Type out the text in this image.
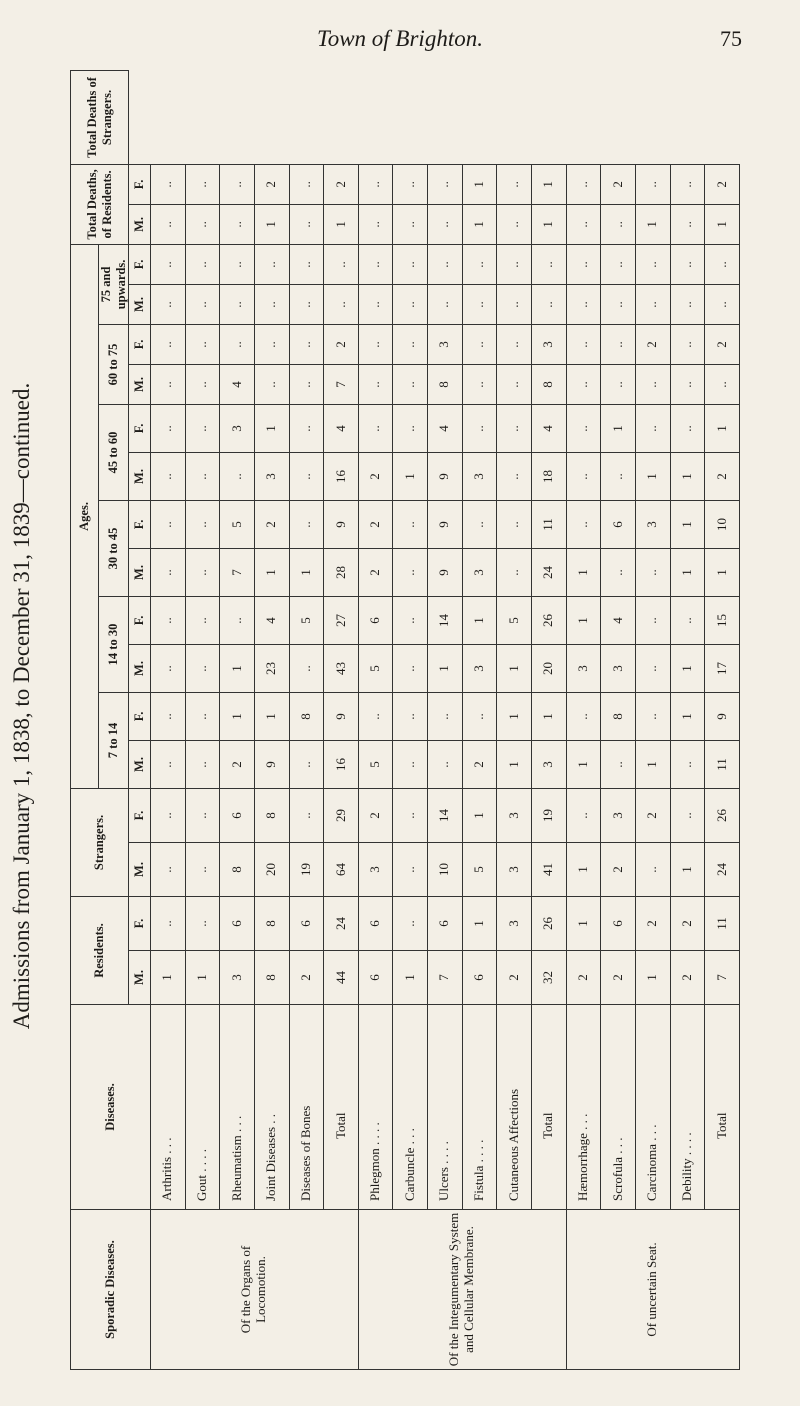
Town of Brighton.	75
Admissions from January 1, 1838, to December 31, 1839—continued.
Sporadic Diseases.	Diseases.	Residents.		Strangers.		Ages.												Total Deaths, of Residents.		Total Deaths of Strangers.
						7 to 14		14 to 30		30 to 45		45 to 60		60 to 75		75 and upwards.				
		M.	F.	M.	F.	M.	F.	M.	F.	M.	F.	M.	F.	M.	F.	M.	F.	M.	F.	
Of the Organs of Locomotion.	Arthritis . . .	1	..	..	..	..	..	..	..	..	..	..	..	..	..	..	..	..	..	
	Gout . . . .	1	..	..	..	..	..	..	..	..	..	..	..	..	..	..	..	..	..	
	Rheumatism . . .	3	6	8	6	2	1	1	..	7	5	..	3	4	..	..	..	..	..	
	Joint Diseases . .	8	8	20	8	9	1	23	4	1	2	3	1	..	..	..	..	1	2	
	Diseases of Bones	2	6	19	..	..	8	..	5	1	..	..	..	..	..	..	..	..	..	
	Total	44	24	64	29	16	9	43	27	28	9	16	4	7	2	..	..	1	2	
Of the Integumentary System and Cellular Membrane.	Phlegmon . . . .	6	6	3	2	5	..	5	6	2	2	2	..	..	..	..	..	..	..	
	Carbuncle . . .	1	..	..	..	..	..	..	..	..	..	1	..	..	..	..	..	..	..	
	Ulcers . . . .	7	6	10	14	..	..	1	14	9	9	9	4	8	3	..	..	..	..	
	Fistula . . . .	6	1	5	1	2	..	3	1	3	..	3	..	..	..	..	..	1	1	
	Cutaneous Affections	2	3	3	3	1	1	1	5	..	..	..	..	..	..	..	..	..	..	
	Total	32	26	41	19	3	1	20	26	24	11	18	4	8	3	..	..	1	1	
Of uncertain Seat.	Hæmorrhage . . .	2	1	1	..	1	..	3	1	1	..	..	..	..	..	..	..	..	..	
	Scrofula . . .	2	6	2	3	..	8	3	4	..	6	..	1	..	..	..	..	..	2	
	Carcinoma . . .	1	2	..	2	1	..	..	..	..	3	1	..	..	2	..	..	1	..	
	Debility . . . .	2	2	1	..	..	1	1	..	1	1	1	..	..	..	..	..	..	..	
	Total	7	11	24	26	11	9	17	15	1	10	2	1	..	2	..	..	1	2	
